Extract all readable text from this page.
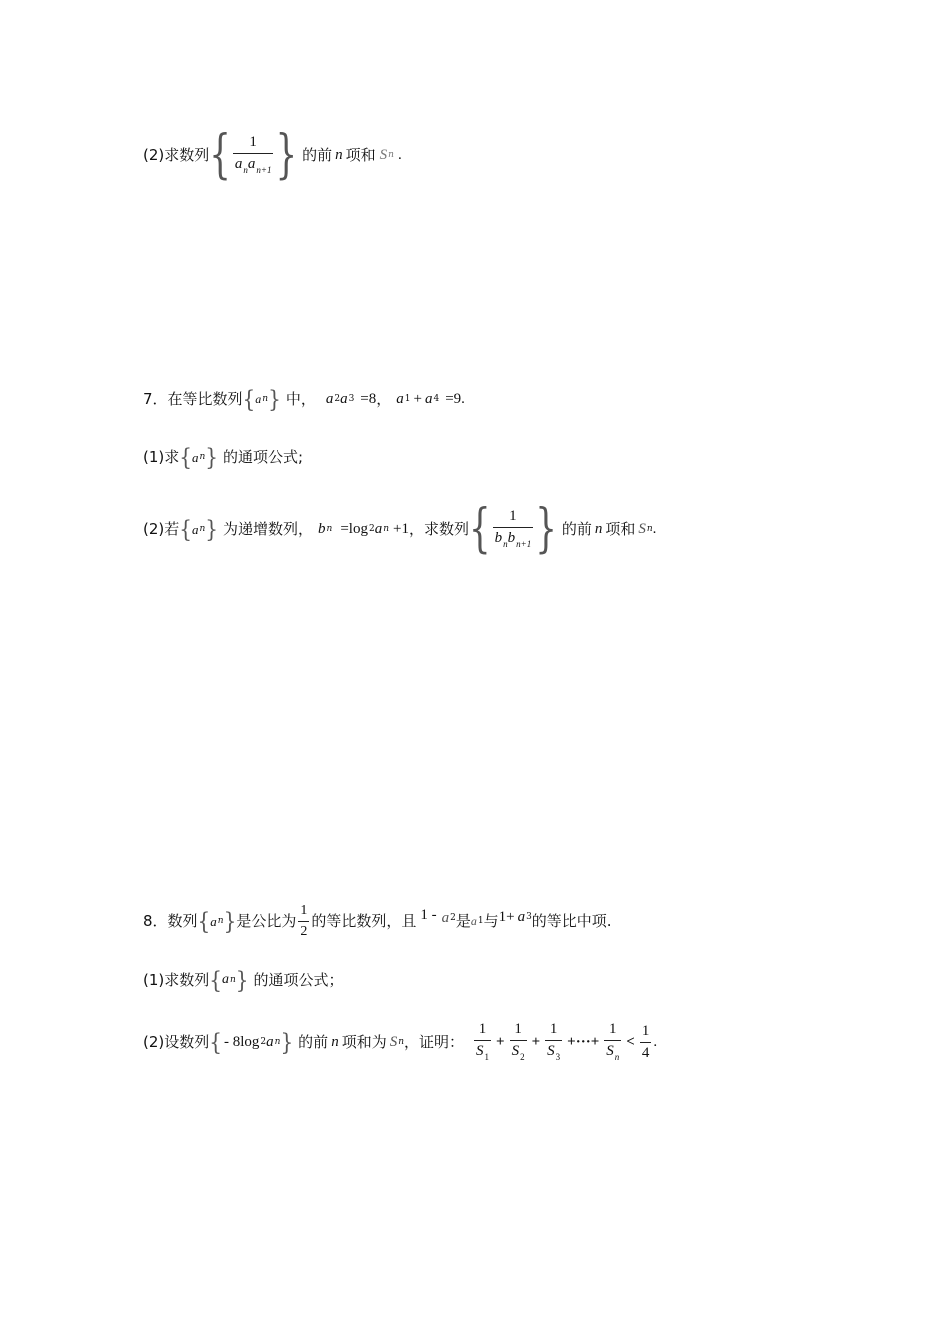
(2)求数列 { $\frac{1}{a_na_{n+1}}$ } 的前 n 项和 S n .
7．在等比数列 { a n } 中， a 2 a 3 =8 ， a 1 + a 4 =9.
(1)求 { a n } 的通项公式;
(2)若 { a n } 为递增数列， b n =log 2 a n +1 ，求数列 { $\frac{1}{b_nb_{n+1}}$ } 的前 n 项和 S n .
8．数列 { a n } 是公比为 $\frac{1}{2}$ 的等比数列，且 1 - a 2 是 a 1 与 1+ a 3 的等比中项.
(1)求数列 { a n } 的通项公式；
(2)设数列 { - 8log 2 a n } 的前 n 项和为 S n ，证明： $\frac{1}{S_1} + \frac{1}{S_2} + \frac{1}{S_3}$ +···+ $\frac{1}{S_n} < \frac{1}{4}$ .
